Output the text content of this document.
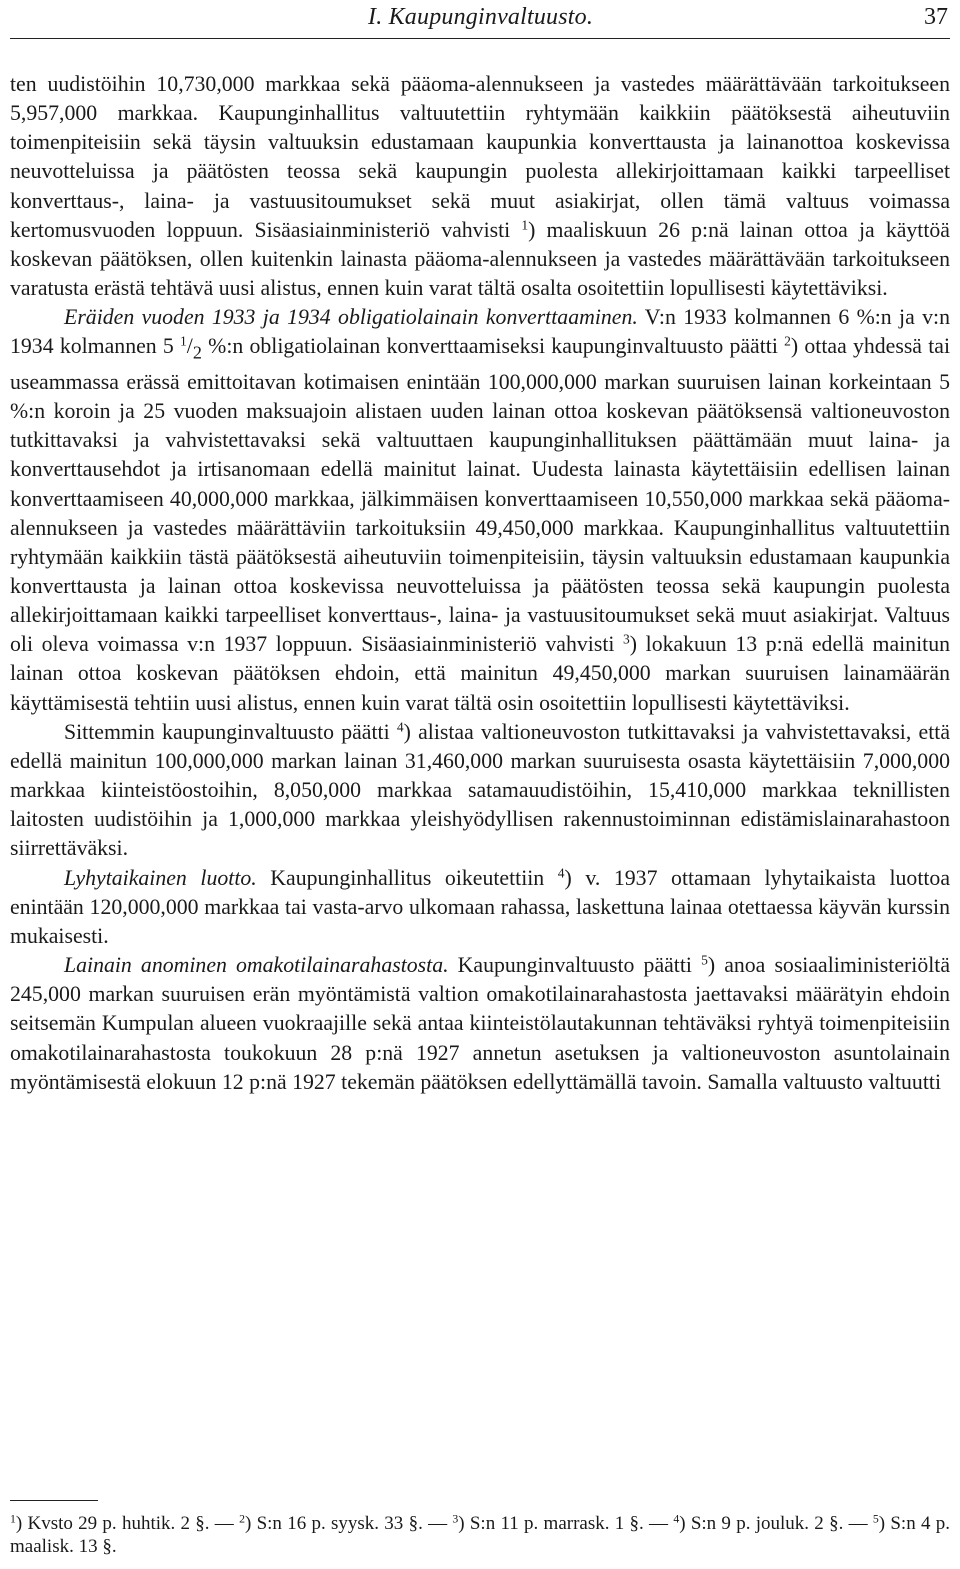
I. Kaupunginvaltuusto.	37

ten uudistöihin 10,730,000 markkaa sekä pääoma-alennukseen ja vastedes määrättävään tarkoitukseen 5,957,000 markkaa. Kaupunginhallitus valtuutettiin ryhtymään kaikkiin päätöksestä aiheutuviin toimenpiteisiin sekä täysin valtuuksin edustamaan kaupunkia konverttausta ja lainanottoa koskevissa neuvotteluissa ja päätösten teossa sekä kaupungin puolesta allekirjoittamaan kaikki tarpeelliset konverttaus-, laina- ja vastuusitoumukset sekä muut asiakirjat, ollen tämä valtuus voimassa kertomusvuoden loppuun. Sisäasiainministeriö vahvisti $^1$) maaliskuun 26 p:nä lainan ottoa ja käyttöä koskevan päätöksen, ollen kuitenkin lainasta pääoma-alennukseen ja vastedes määrättävään tarkoitukseen varatusta erästä tehtävä uusi alistus, ennen kuin varat tältä osalta osoitettiin lopullisesti käytettäviksi.

Eräiden vuoden 1933 ja 1934 obligatiolainain konverttaaminen. V:n 1933 kolmannen 6 %:n ja v:n 1934 kolmannen 5 $^1/_2$ %:n obligatiolainan konverttaamiseksi kaupunginvaltuusto päätti $^2$) ottaa yhdessä tai useammassa erässä emittoitavan kotimaisen enintään 100,000,000 markan suuruisen lainan korkeintaan 5 %:n koroin ja 25 vuoden maksuajoin alistaen uuden lainan ottoa koskevan päätöksensä valtioneuvoston tutkittavaksi ja vahvistettavaksi sekä valtuuttaen kaupunginhallituksen päättämään muut laina- ja konverttausehdot ja irtisanomaan edellä mainitut lainat. Uudesta lainasta käytettäisiin edellisen lainan konverttaamiseen 40,000,000 markkaa, jälkimmäisen konverttaamiseen 10,550,000 markkaa sekä pääoma-alennukseen ja vastedes määrättäviin tarkoituksiin 49,450,000 markkaa. Kaupunginhallitus valtuutettiin ryhtymään kaikkiin tästä päätöksestä aiheutuviin toimenpiteisiin, täysin valtuuksin edustamaan kaupunkia konverttausta ja lainan ottoa koskevissa neuvotteluissa ja päätösten teossa sekä kaupungin puolesta allekirjoittamaan kaikki tarpeelliset konverttaus-, laina- ja vastuusitoumukset sekä muut asiakirjat. Valtuus oli oleva voimassa v:n 1937 loppuun. Sisäasiainministeriö vahvisti $^3$) lokakuun 13 p:nä edellä mainitun lainan ottoa koskevan päätöksen ehdoin, että mainitun 49,450,000 markan suuruisen lainamäärän käyttämisestä tehtiin uusi alistus, ennen kuin varat tältä osin osoitettiin lopullisesti käytettäviksi.

Sittemmin kaupunginvaltuusto päätti $^4$) alistaa valtioneuvoston tutkittavaksi ja vahvistettavaksi, että edellä mainitun 100,000,000 markan lainan 31,460,000 markan suuruisesta osasta käytettäisiin 7,000,000 markkaa kiinteistöostoihin, 8,050,000 markkaa satamauudistöihin, 15,410,000 markkaa teknillisten laitosten uudistöihin ja 1,000,000 markkaa yleishyödyllisen rakennustoiminnan edistämislainarahastoon siirrettäväksi.

Lyhytaikainen luotto. Kaupunginhallitus oikeutettiin $^4$) v. 1937 ottamaan lyhytaikaista luottoa enintään 120,000,000 markkaa tai vasta-arvo ulkomaan rahassa, laskettuna lainaa otettaessa käyvän kurssin mukaisesti.

Lainain anominen omakotilainarahastosta. Kaupunginvaltuusto päätti $^5$) anoa sosiaaliministeriöltä 245,000 markan suuruisen erän myöntämistä valtion omakotilainarahastosta jaettavaksi määrätyin ehdoin seitsemän Kumpulan alueen vuokraajille sekä antaa kiinteistölautakunnan tehtäväksi ryhtyä toimenpiteisiin omakotilainarahastosta toukokuun 28 p:nä 1927 annetun asetuksen ja valtioneuvoston asuntolainain myöntämisestä elokuun 12 p:nä 1927 tekemän päätöksen edellyttämällä tavoin. Samalla valtuusto valtuutti

$^1$) Kvsto 29 p. huhtik. 2 §. — $^2$) S:n 16 p. syysk. 33 §. — $^3$) S:n 11 p. marrask. 1 §. — $^4$) S:n 9 p. jouluk. 2 §. — $^5$) S:n 4 p. maalisk. 13 §.
